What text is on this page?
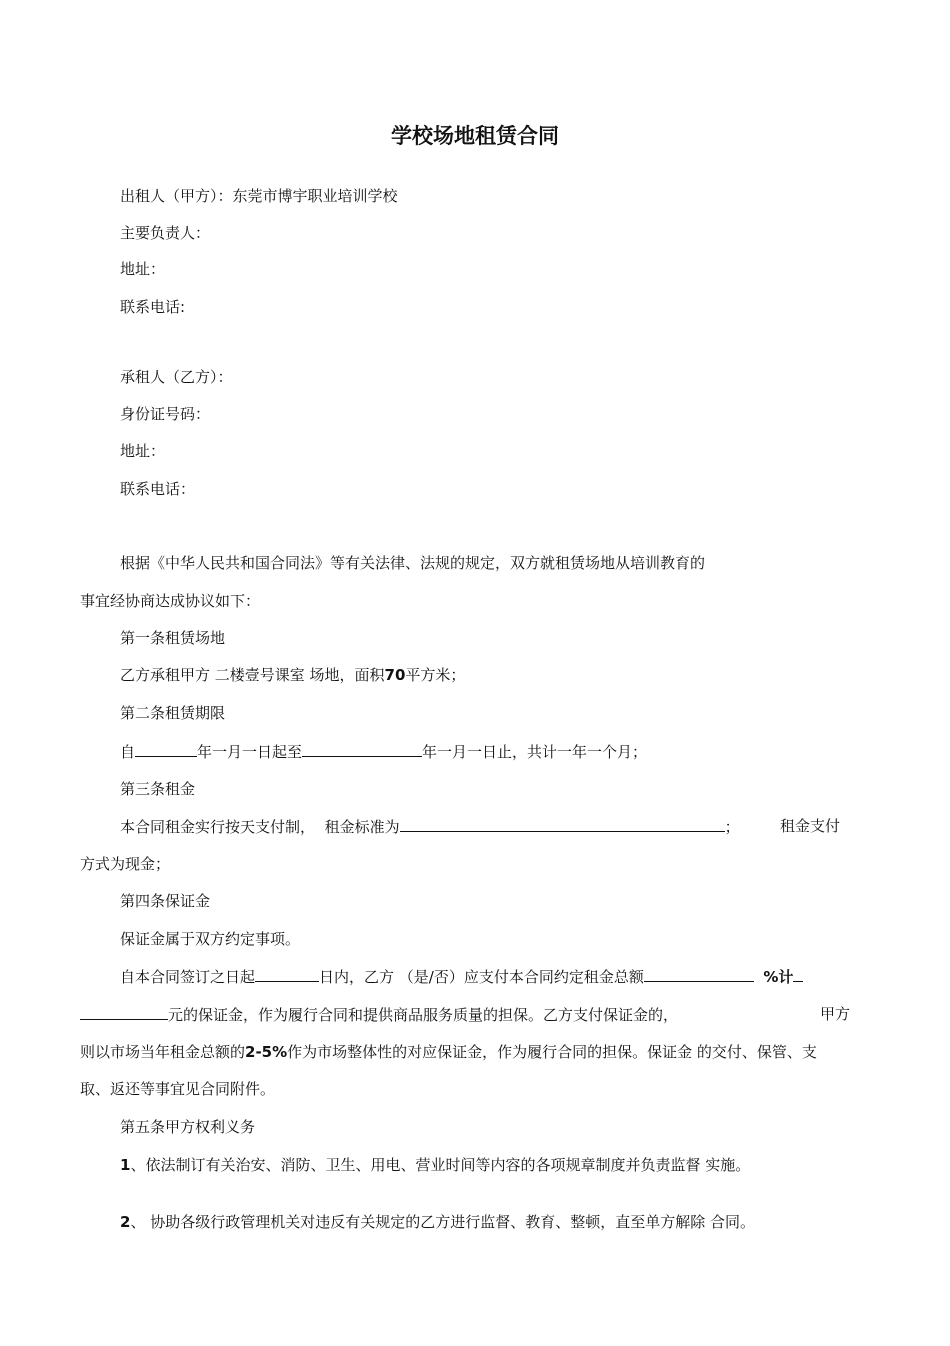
学校场地租赁合同
出租人（甲方）：东莞市博宇职业培训学校
主要负责人：
地址：
联系电话:
承租人（乙方）：
身份证号码：
地址：
联系电话：
根据《中华人民共和国合同法》等有关法律、法规的规定，双方就租赁场地从培训教育的
事宜经协商达成协议如下：
第一条租赁场地
乙方承租甲方 二楼壹号课室 场地，面积70平方米；
第二条租赁期限
自	年一月一日起至	年一月一日止，共计一年一个月；
第三条租金
本合同租金实行按天支付制， 租金标准为	；	租金支付
方式为现金；
第四条保证金
保证金属于双方约定事项。
自本合同签订之日起	日内，乙方 （是/否）应支付本合同约定租金总额	%计
元的保证金，作为履行合同和提供商品服务质量的担保。乙方支付保证金的，	甲方
则以市场当年租金总额的2-5%作为市场整体性的对应保证金，作为履行合同的担保。保证金 的交付、保管、支
取、返还等事宜见合同附件。
第五条甲方权利义务
1、依法制订有关治安、消防、卫生、用电、营业时间等内容的各项规章制度并负责监督 实施。
2、 协助各级行政管理机关对违反有关规定的乙方进行监督、教育、整顿，直至单方解除 合同。
